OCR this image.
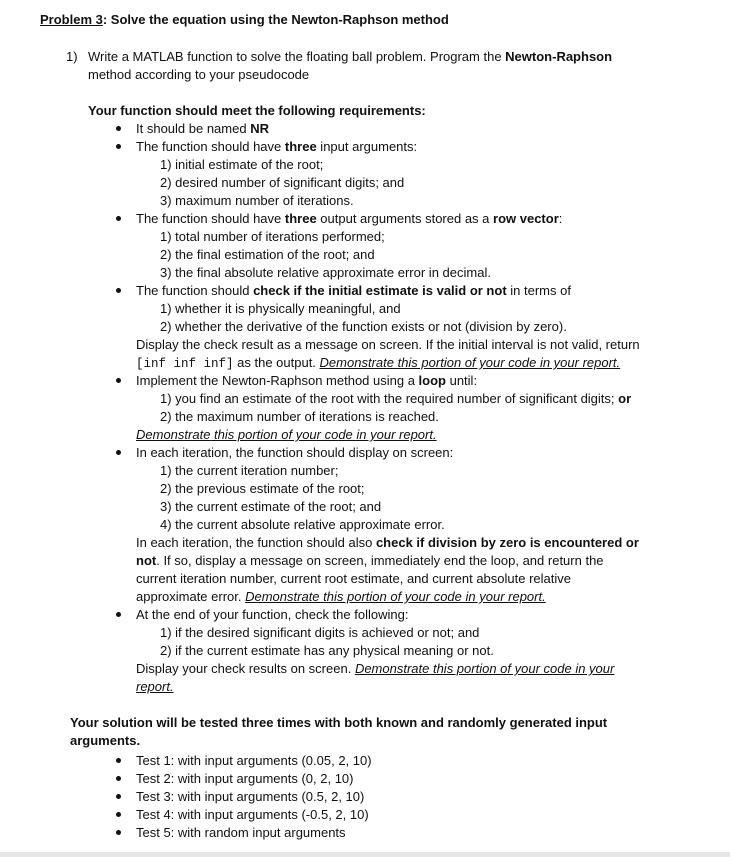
Problem 3: Solve the equation using the Newton-Raphson method
1) Write a MATLAB function to solve the floating ball problem. Program the Newton-Raphson
method according to your pseudocode
Your function should meet the following requirements:
It should be named NR
The function should have three input arguments:
1) initial estimate of the root;
2) desired number of significant digits; and
3) maximum number of iterations.
The function should have three output arguments stored as a row vector:
1) total number of iterations performed;
2) the final estimation of the root; and
3) the final absolute relative approximate error in decimal.
The function should check if the initial estimate is valid or not in terms of
1) whether it is physically meaningful, and
2) whether the derivative of the function exists or not (division by zero).
Display the check result as a message on screen. If the initial interval is not valid, return
[inf inf inf] as the output. Demonstrate this portion of your code in your report.
Implement the Newton-Raphson method using a loop until:
1) you find an estimate of the root with the required number of significant digits; or
2) the maximum number of iterations is reached.
Demonstrate this portion of your code in your report.
In each iteration, the function should display on screen:
1) the current iteration number;
2) the previous estimate of the root;
3) the current estimate of the root; and
4) the current absolute relative approximate error.
In each iteration, the function should also check if division by zero is encountered or
not. If so, display a message on screen, immediately end the loop, and return the
current iteration number, current root estimate, and current absolute relative
approximate error. Demonstrate this portion of your code in your report.
At the end of your function, check the following:
1) if the desired significant digits is achieved or not; and
2) if the current estimate has any physical meaning or not.
Display your check results on screen. Demonstrate this portion of your code in your
report.
Your solution will be tested three times with both known and randomly generated input
arguments.
Test 1: with input arguments (0.05, 2, 10)
Test 2: with input arguments (0, 2, 10)
Test 3: with input arguments (0.5, 2, 10)
Test 4: with input arguments (-0.5, 2, 10)
Test 5: with random input arguments
